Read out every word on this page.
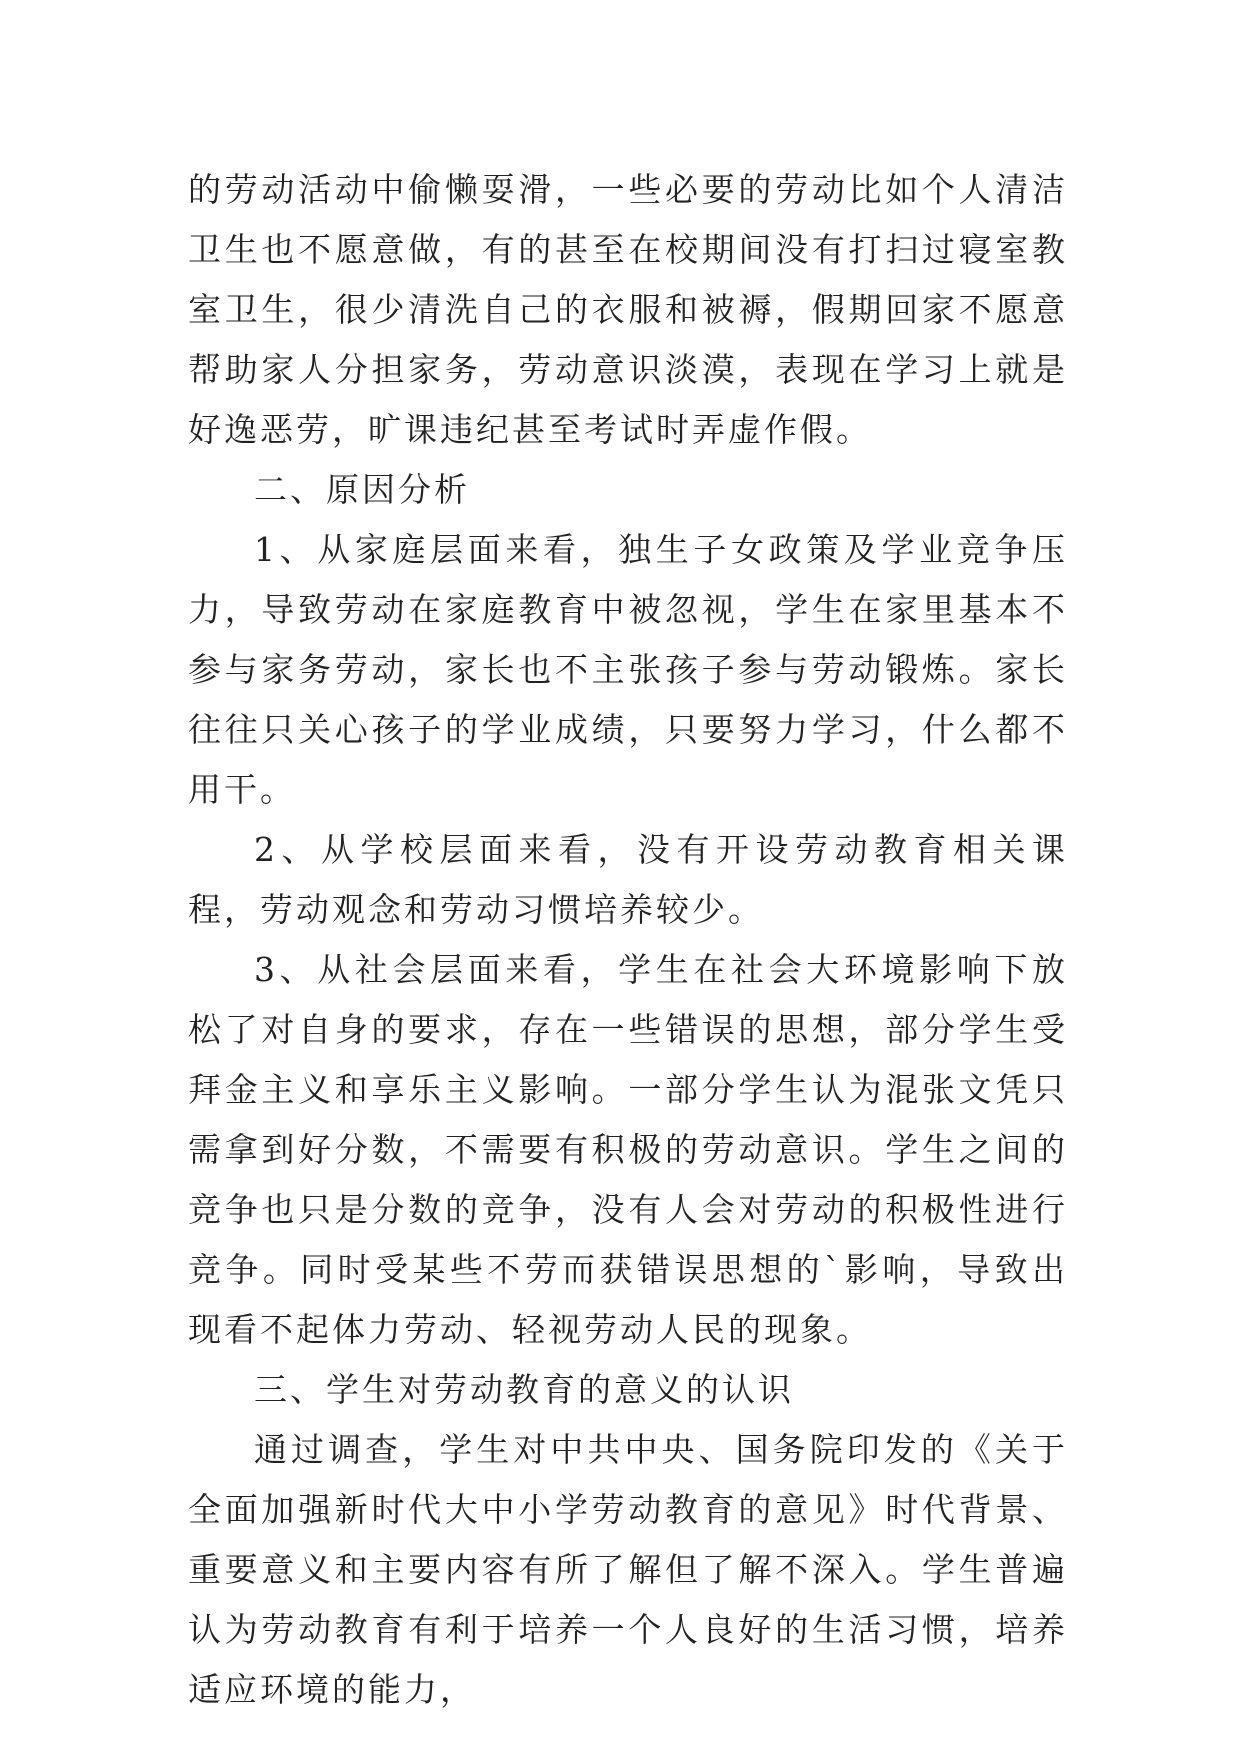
的劳动活动中偷懒耍滑，一些必要的劳动比如个人清洁卫生也不愿意做，有的甚至在校期间没有打扫过寝室教室卫生，很少清洗自己的衣服和被褥，假期回家不愿意帮助家人分担家务，劳动意识淡漠，表现在学习上就是好逸恶劳，旷课违纪甚至考试时弄虚作假。

二、原因分析

1、从家庭层面来看，独生子女政策及学业竞争压力，导致劳动在家庭教育中被忽视，学生在家里基本不参与家务劳动，家长也不主张孩子参与劳动锻炼。家长往往只关心孩子的学业成绩，只要努力学习，什么都不用干。

2、从学校层面来看，没有开设劳动教育相关课程，劳动观念和劳动习惯培养较少。

3、从社会层面来看，学生在社会大环境影响下放松了对自身的要求，存在一些错误的思想，部分学生受拜金主义和享乐主义影响。一部分学生认为混张文凭只需拿到好分数，不需要有积极的劳动意识。学生之间的竞争也只是分数的竞争，没有人会对劳动的积极性进行竞争。同时受某些不劳而获错误思想的`影响，导致出现看不起体力劳动、轻视劳动人民的现象。

三、学生对劳动教育的意义的认识

通过调查，学生对中共中央、国务院印发的《关于全面加强新时代大中小学劳动教育的意见》时代背景、重要意义和主要内容有所了解但了解不深入。学生普遍认为劳动教育有利于培养一个人良好的生活习惯，培养适应环境的能力，
